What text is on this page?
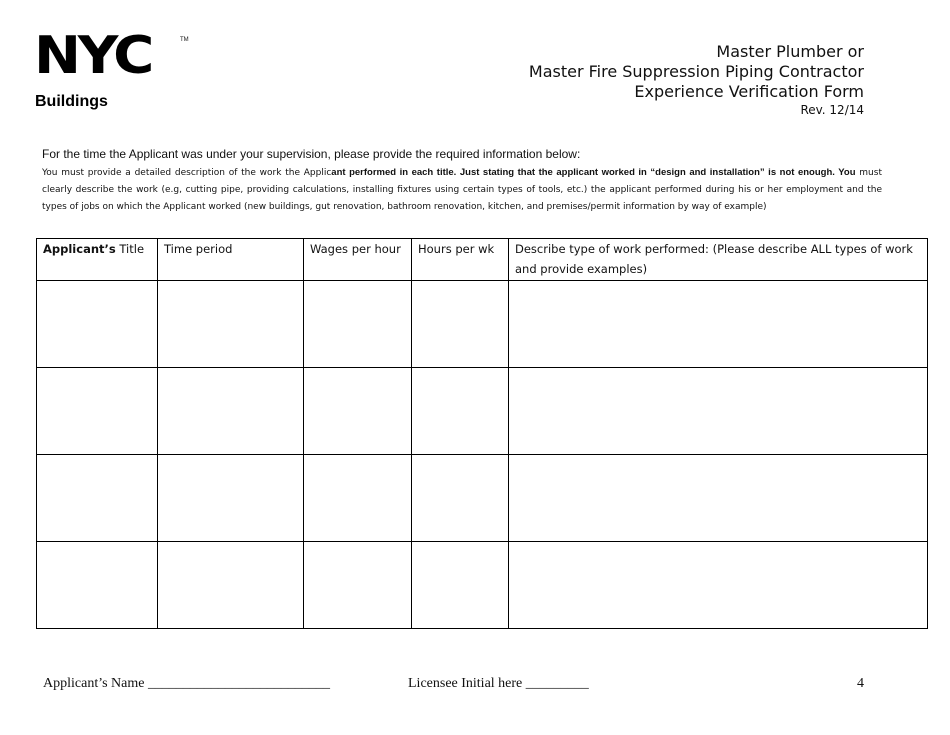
NYC	TM
Buildings
Master Plumber or
Master Fire Suppression Piping Contractor
Experience Verification Form
Rev. 12/14
For the time the Applicant was under your supervision, please provide the required information below:
You must provide a detailed description of the work the Applicant performed in each title. Just stating that the applicant worked in “design and installation” is not enough. You must clearly describe the work (e.g, cutting pipe, providing calculations, installing fixtures using certain types of tools, etc.) the applicant performed during his or her employment and the types of jobs on which the Applicant worked (new buildings, gut renovation, bathroom renovation, kitchen, and premises/permit information by way of example)
Applicant’s Title	Time period	Wages per hour	Hours per wk	Describe type of work performed: (Please describe ALL types of work and provide examples)

Applicant’s Name __________________________	Licensee Initial here _________	4
